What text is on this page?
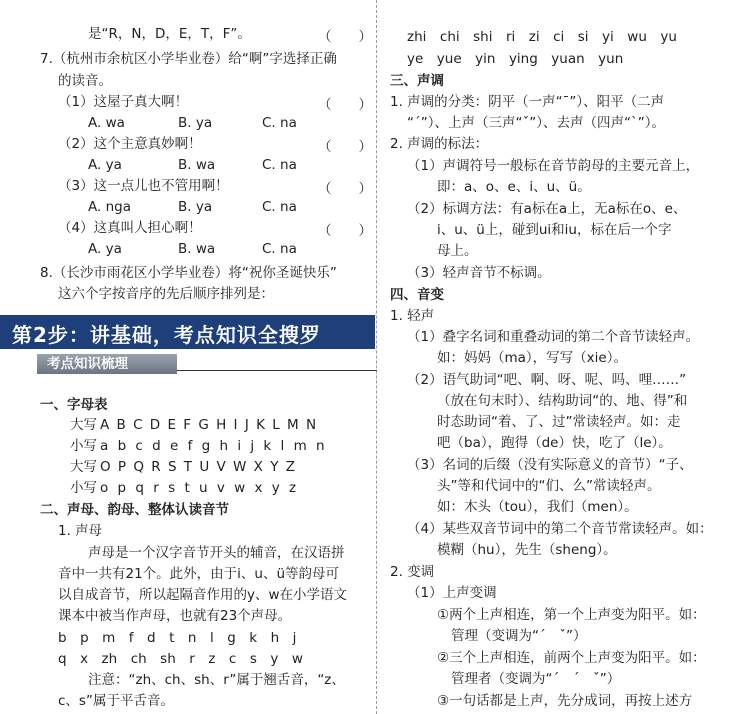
是“R，N，D，E，T，F”。	（　　）
7.（杭州市余杭区小学毕业卷）给“啊”字选择正确
的读音。
（1）这屋子真大啊！	（　　）
A. wa	B. ya	C. na
（2）这个主意真妙啊！	（　　）
A. ya	B. wa	C. na
（3）这一点儿也不管用啊！	（　　）
A. nga	B. ya	C. na
（4）这真叫人担心啊！	（　　）
A. ya	B. wa	C. na
8.（长沙市雨花区小学毕业卷）将“祝你圣诞快乐”
这六个字按音序的先后顺序排列是：
第2步：讲基础，考点知识全搜罗
考点知识梳理
一、字母表
大写 A B C D E F G H I J K L M N
小写 a b c d e f g h i j k l m n
大写 O P Q R S T U V W X Y Z
小写 o p q r s t u v w x y z
二、声母、韵母、整体认读音节
1. 声母
声母是一个汉字音节开头的辅音，在汉语拼
音中一共有21个。此外，由于i、u、ü等韵母可
以自成音节，所以起隔音作用的y、w在小学语文
课本中被当作声母，也就有23个声母。
b　p　m　f　d　t　n　l　g　k　h　j
q　x　zh　ch　sh　r　z　c　s　y　w
注意：“zh、ch、sh、r”属于翘舌音，“z、
c、s”属于平舌音。
zhi　chi　shi　ri　zi　ci　si　yi　wu　yu
ye　yue　yin　ying　yuan　yun
三、声调
1. 声调的分类：阴平（一声“ˉ”）、阳平（二声
“ˊ”）、上声（三声“ˇ”）、去声（四声“ˋ”）。
2. 声调的标法：
（1）声调符号一般标在音节韵母的主要元音上，
即：a、o、e、i、u、ü。
（2）标调方法：有a标在a上，无a标在o、e、
i、u、ü上，碰到ui和iu，标在后一个字
母上。
（3）轻声音节不标调。
四、音变
1. 轻声
（1）叠字名词和重叠动词的第二个音节读轻声。
如：妈妈（ma），写写（xie）。
（2）语气助词“吧、啊、呀、呢、吗、哩……”
（放在句末时）、结构助词“的、地、得”和
时态助词“着、了、过”常读轻声。如：走
吧（ba），跑得（de）快，吃了（le）。
（3）名词的后缀（没有实际意义的音节）“子、
头”等和代词中的“们、么”常读轻声。
如：木头（tou），我们（men）。
（4）某些双音节词中的第二个音节常读轻声。如：
模糊（hu），先生（sheng）。
2. 变调
（1）上声变调
①两个上声相连，第一个上声变为阳平。如：
管理（变调为“ˊ　ˇ”）
②三个上声相连，前两个上声变为阳平。如：
管理者（变调为“ˊ　ˊ　ˇ”）
③一句话都是上声，先分成词，再按上述方
